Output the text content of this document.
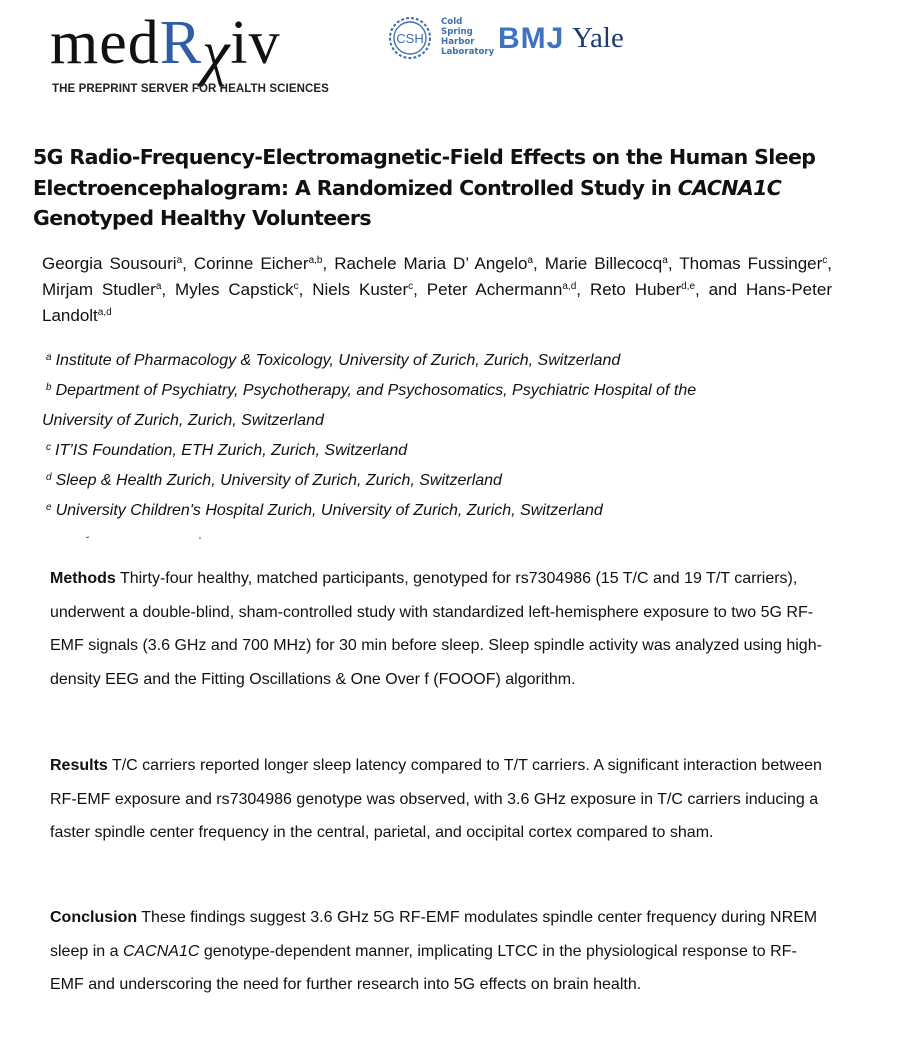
medRχiv
THE PREPRINT SERVER FOR HEALTH SCIENCES
CSH
Cold
Spring
Harbor
Laboratory BMJ Yale
5G Radio-Frequency-Electromagnetic-Field Effects on the Human Sleep Electroencephalogram: A Randomized Controlled Study in CACNA1C Genotyped Healthy Volunteers
Georgia Sousouri$^a$, Corinne Eicher$^{a,b}$, Rachele Maria D’ Angelo$^a$, Marie Billecocq$^a$, Thomas Fussinger$^c$, Mirjam Studler$^a$, Myles Capstick$^c$, Niels Kuster$^c$, Peter Achermann$^{a,d}$, Reto Huber$^{d,e}$, and Hans-Peter Landolt$^{a,d}$
$^a$ Institute of Pharmacology & Toxicology, University of Zurich, Zurich, Switzerland
$^b$ Department of Psychiatry, Psychotherapy, and Psychosomatics, Psychiatric Hospital of the
University of Zurich, Zurich, Switzerland
$^c$ IT’IS Foundation, ETH Zurich, Zurich, Switzerland
$^d$ Sleep & Health Zurich, University of Zurich, Zurich, Switzerland
$^e$ University Children's Hospital Zurich, University of Zurich, Zurich, Switzerland
˘	'
Methods Thirty-four healthy, matched participants, genotyped for rs7304986 (15 T/C and 19 T/T carriers), underwent a double-blind, sham-controlled study with standardized left-hemisphere exposure to two 5G RF-EMF signals (3.6 GHz and 700 MHz) for 30 min before sleep. Sleep spindle activity was analyzed using high-density EEG and the Fitting Oscillations & One Over f (FOOOF) algorithm.
Results T/C carriers reported longer sleep latency compared to T/T carriers. A significant interaction between RF-EMF exposure and rs7304986 genotype was observed, with 3.6 GHz exposure in T/C carriers inducing a faster spindle center frequency in the central, parietal, and occipital cortex compared to sham.
Conclusion These findings suggest 3.6 GHz 5G RF-EMF modulates spindle center frequency during NREM sleep in a CACNA1C genotype-dependent manner, implicating LTCC in the physiological response to RF-EMF and underscoring the need for further research into 5G effects on brain health.
